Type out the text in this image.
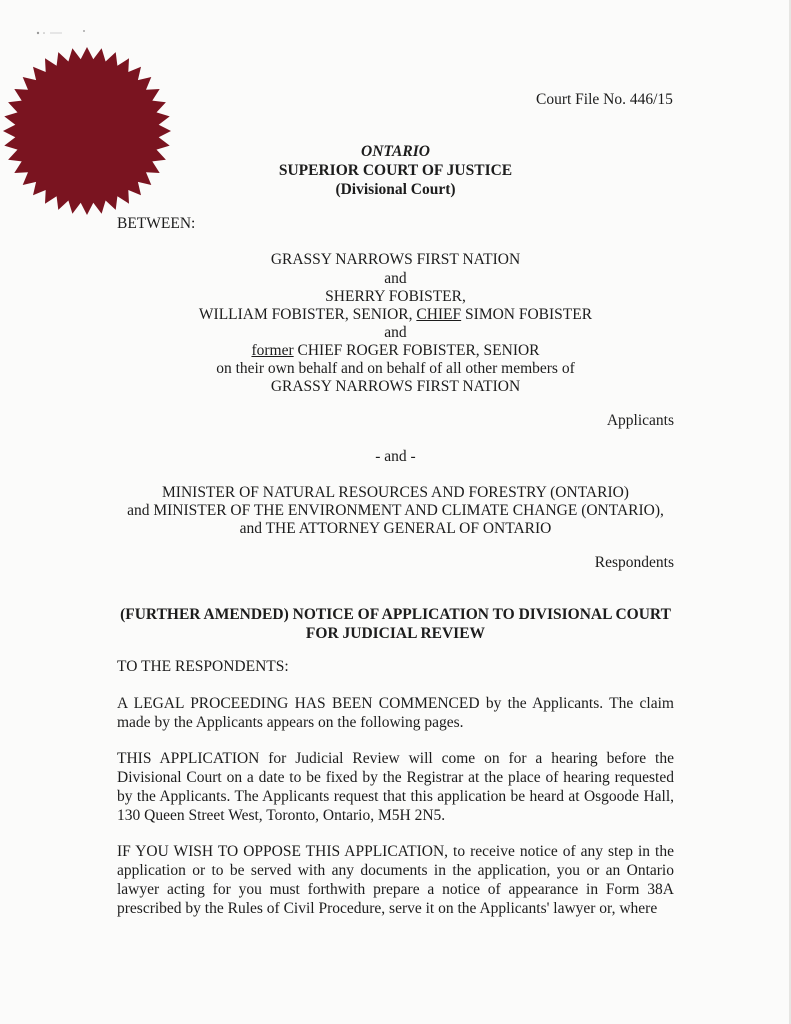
Court File No. 446/15
ONTARIO
SUPERIOR COURT OF JUSTICE
(Divisional Court)
BETWEEN:
GRASSY NARROWS FIRST NATION
and
SHERRY FOBISTER,
WILLIAM FOBISTER, SENIOR, CHIEF SIMON FOBISTER
and
former CHIEF ROGER FOBISTER, SENIOR
on their own behalf and on behalf of all other members of
GRASSY NARROWS FIRST NATION
Applicants
- and -
MINISTER OF NATURAL RESOURCES AND FORESTRY (ONTARIO)
and MINISTER OF THE ENVIRONMENT AND CLIMATE CHANGE (ONTARIO),
and THE ATTORNEY GENERAL OF ONTARIO
Respondents
(FURTHER AMENDED) NOTICE OF APPLICATION TO DIVISIONAL COURT
FOR JUDICIAL REVIEW
TO THE RESPONDENTS:
A LEGAL PROCEEDING HAS BEEN COMMENCED by the Applicants. The claim made by the Applicants appears on the following pages.
THIS APPLICATION for Judicial Review will come on for a hearing before the Divisional Court on a date to be fixed by the Registrar at the place of hearing requested by the Applicants. The Applicants request that this application be heard at Osgoode Hall, 130 Queen Street West, Toronto, Ontario, M5H 2N5.
IF YOU WISH TO OPPOSE THIS APPLICATION, to receive notice of any step in the application or to be served with any documents in the application, you or an Ontario lawyer acting for you must forthwith prepare a notice of appearance in Form 38A prescribed by the Rules of Civil Procedure, serve it on the Applicants' lawyer or, where
